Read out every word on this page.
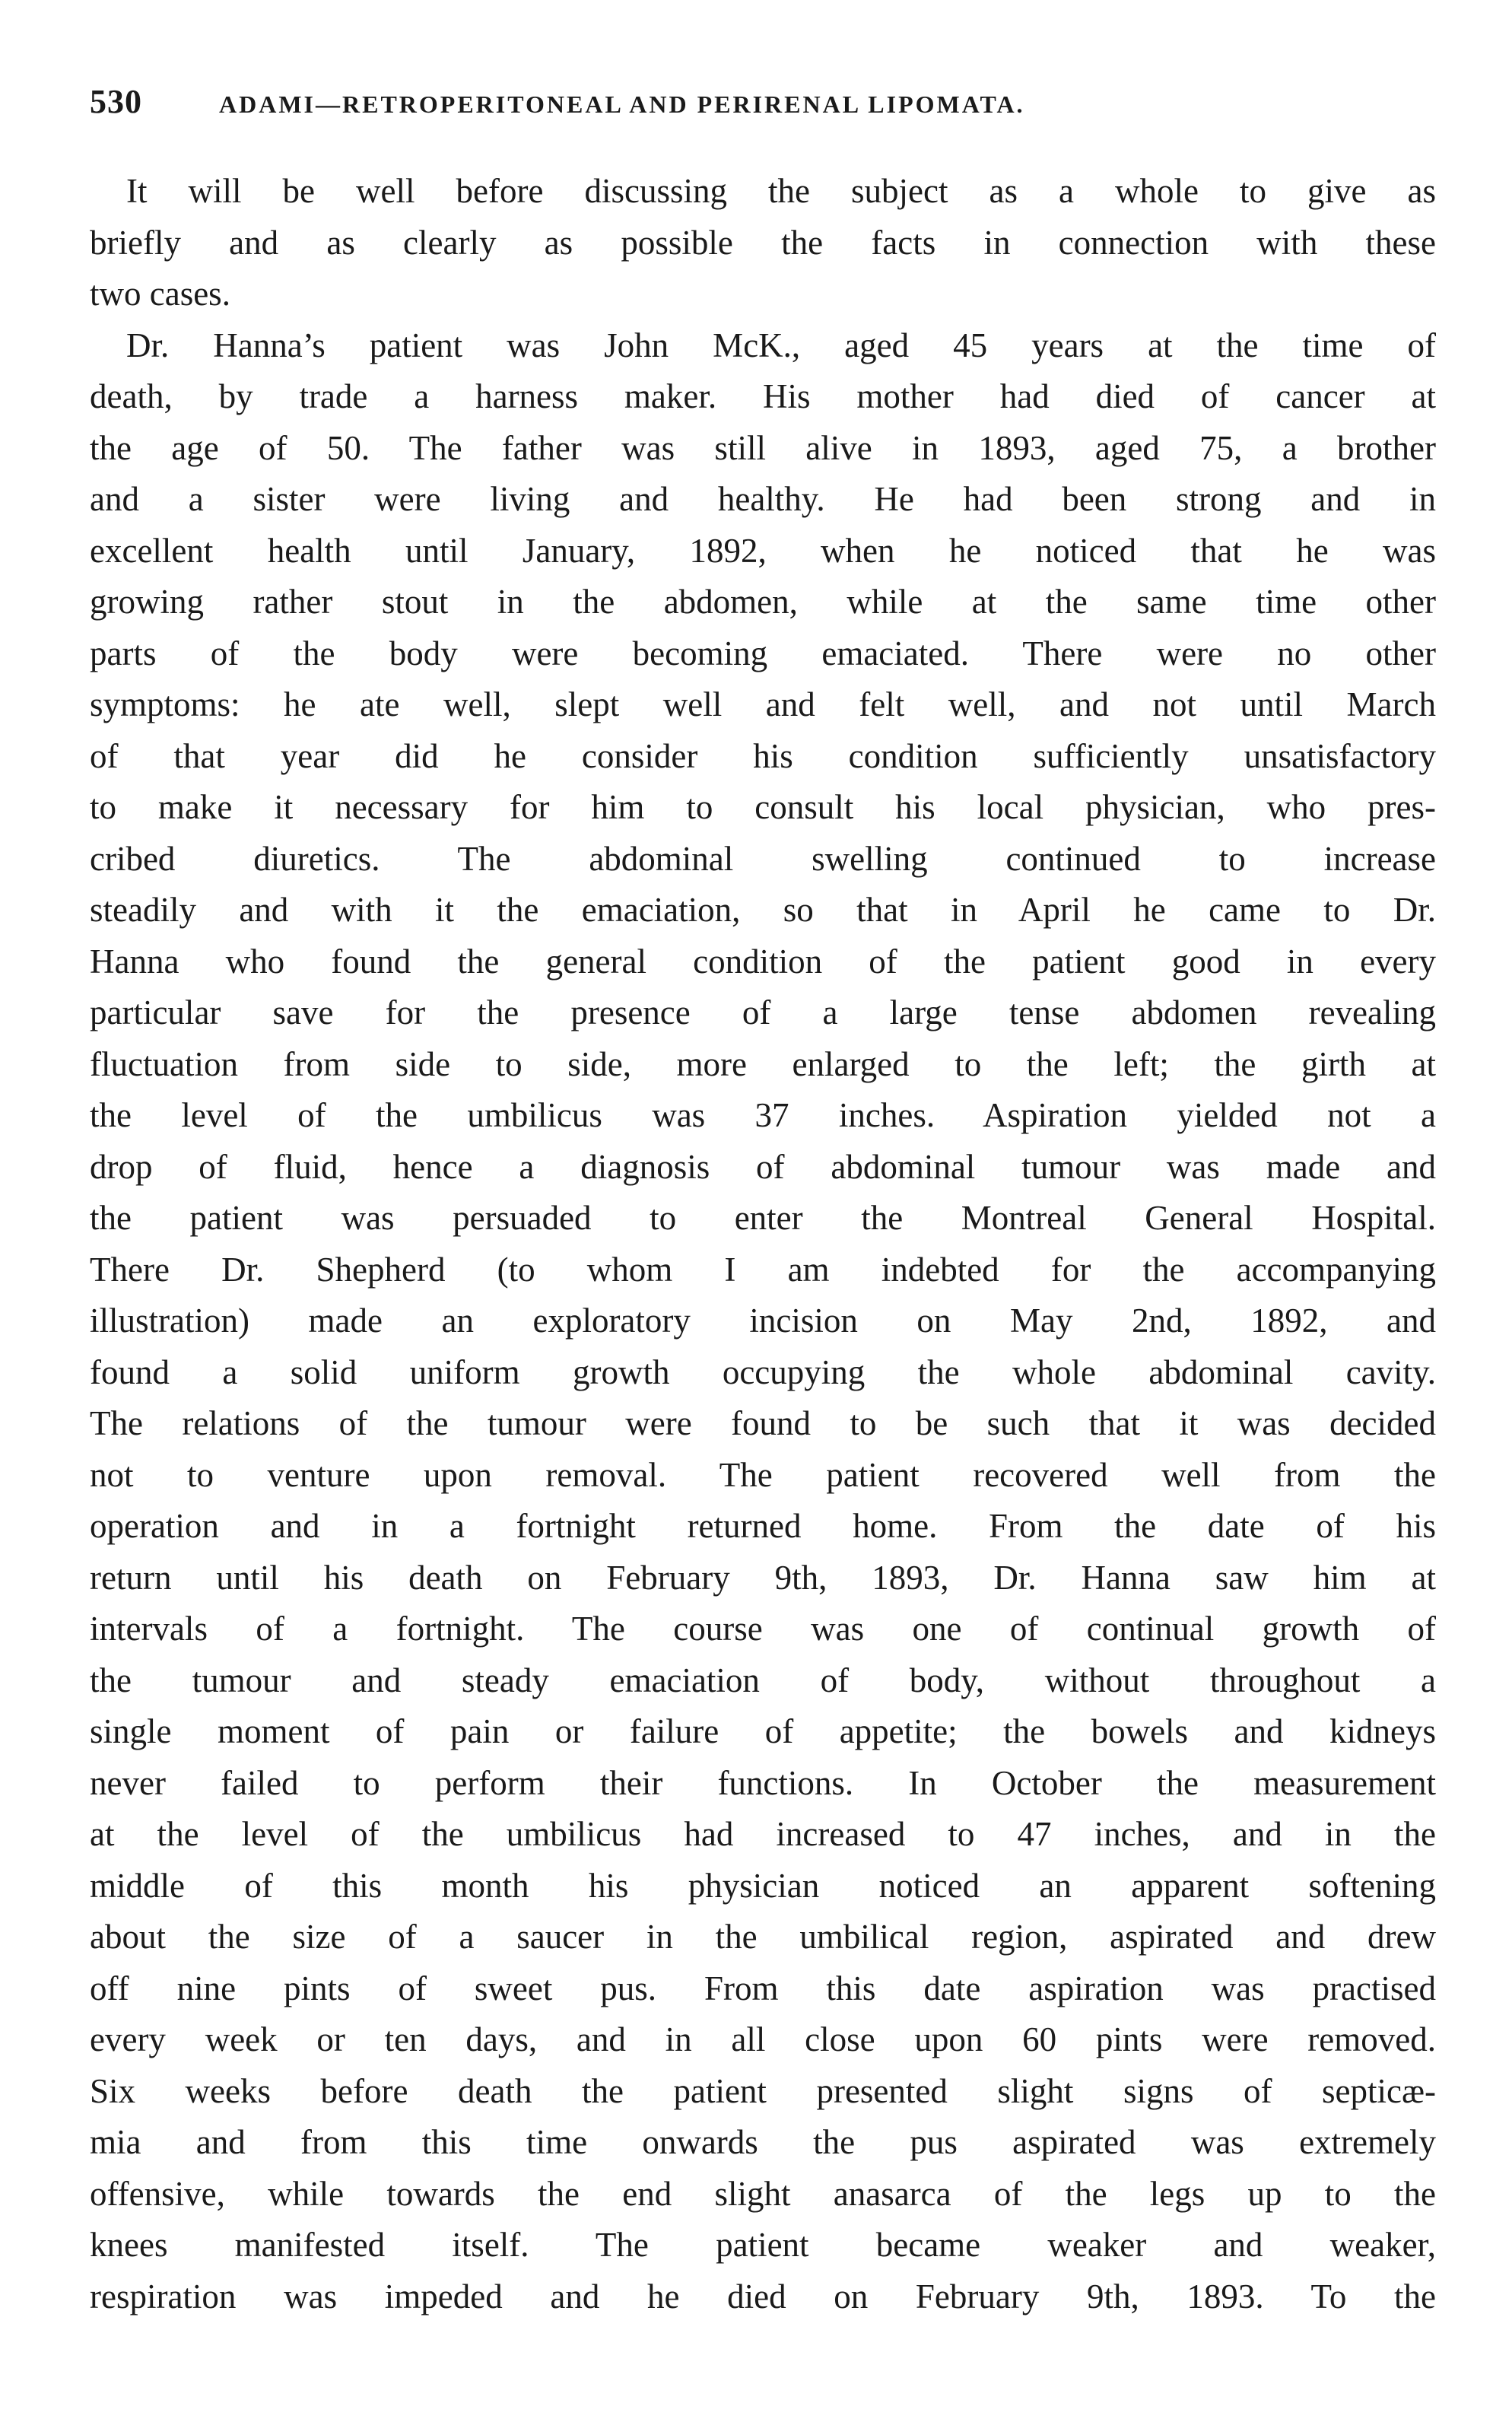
530	ADAMI—RETROPERITONEAL AND PERIRENAL LIPOMATA.
It will be well before discussing the subject as a whole to give as
briefly and as clearly as possible the facts in connection with these
two cases.
Dr. Hanna’s patient was John McK., aged 45 years at the time of
death, by trade a harness maker. His mother had died of cancer at
the age of 50. The father was still alive in 1893, aged 75, a brother
and a sister were living and healthy. He had been strong and in
excellent health until January, 1892, when he noticed that he was
growing rather stout in the abdomen, while at the same time other
parts of the body were becoming emaciated. There were no other
symptoms: he ate well, slept well and felt well, and not until March
of that year did he consider his condition sufficiently unsatisfactory
to make it necessary for him to consult his local physician, who pres-
cribed diuretics. The abdominal swelling continued to increase
steadily and with it the emaciation, so that in April he came to Dr.
Hanna who found the general condition of the patient good in every
particular save for the presence of a large tense abdomen revealing
fluctuation from side to side, more enlarged to the left; the girth at
the level of the umbilicus was 37 inches. Aspiration yielded not a
drop of fluid, hence a diagnosis of abdominal tumour was made and
the patient was persuaded to enter the Montreal General Hospital.
There Dr. Shepherd (to whom I am indebted for the accompanying
illustration) made an exploratory incision on May 2nd, 1892, and
found a solid uniform growth occupying the whole abdominal cavity.
The relations of the tumour were found to be such that it was decided
not to venture upon removal. The patient recovered well from the
operation and in a fortnight returned home. From the date of his
return until his death on February 9th, 1893, Dr. Hanna saw him at
intervals of a fortnight. The course was one of continual growth of
the tumour and steady emaciation of body, without throughout a
single moment of pain or failure of appetite; the bowels and kidneys
never failed to perform their functions. In October the measurement
at the level of the umbilicus had increased to 47 inches, and in the
middle of this month his physician noticed an apparent softening
about the size of a saucer in the umbilical region, aspirated and drew
off nine pints of sweet pus. From this date aspiration was practised
every week or ten days, and in all close upon 60 pints were removed.
Six weeks before death the patient presented slight signs of septicæ-
mia and from this time onwards the pus aspirated was extremely
offensive, while towards the end slight anasarca of the legs up to the
knees manifested itself. The patient became weaker and weaker,
respiration was impeded and he died on February 9th, 1893. To the
